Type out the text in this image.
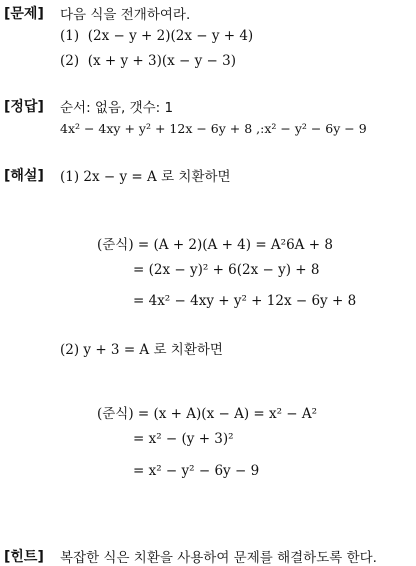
[문제] 다음 식을 전개하여라.
(1) (2x − y + 2)(2x − y + 4)
(2) (x + y + 3)(x − y − 3)
[정답] 순서: 없음, 갯수: 1
4x² − 4xy + y² + 12x − 6y + 8 ,:x² − y² − 6y − 9
[해설] (1) 2x − y = A 로 치환하면
(준식) = (A + 2)(A + 4) = A²6A + 8
= (2x − y)² + 6(2x − y) + 8
= 4x² − 4xy + y² + 12x − 6y + 8
(2) y + 3 = A 로 치환하면
(준식) = (x + A)(x − A) = x² − A²
= x² − (y + 3)²
= x² − y² − 6y − 9
[힌트] 복잡한 식은 치환을 사용하여 문제를 해결하도록 한다.
